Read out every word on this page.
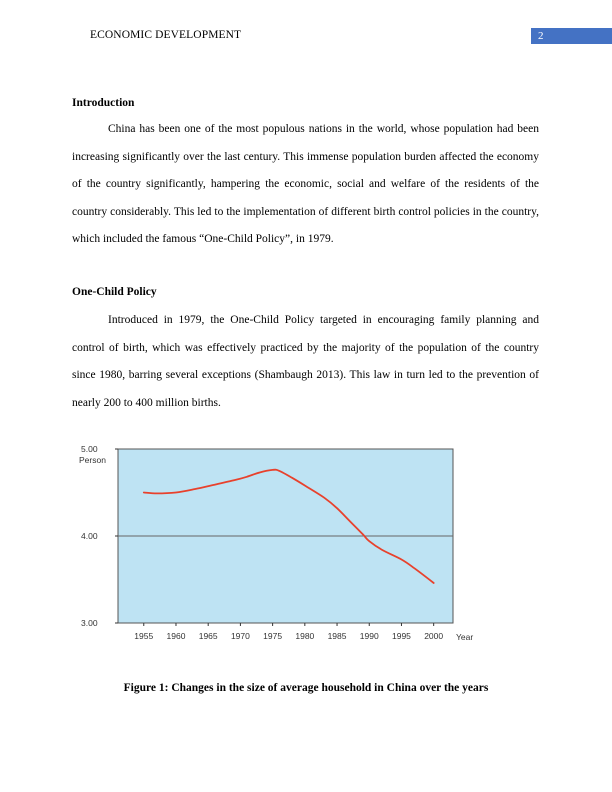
ECONOMIC DEVELOPMENT	2
Introduction

China has been one of the most populous nations in the world, whose population had been increasing significantly over the last century. This immense population burden affected the economy of the country significantly, hampering the economic, social and welfare of the residents of the country considerably. This led to the implementation of different birth control policies in the country, which included the famous “One-Child Policy”, in 1979.

One-Child Policy

Introduced in 1979, the One-Child Policy targeted in encouraging family planning and control of birth, which was effectively practiced by the majority of the population of the country since 1980, barring several exceptions (Shambaugh 2013). This law in turn led to the prevention of nearly 200 to 400 million births.

5.00
4.00
3.00
Person
1955 1960 1965 1970 1975 1980 1985 1990 1995 2000 Year
Figure 1: Changes in the size of average household in China over the years
